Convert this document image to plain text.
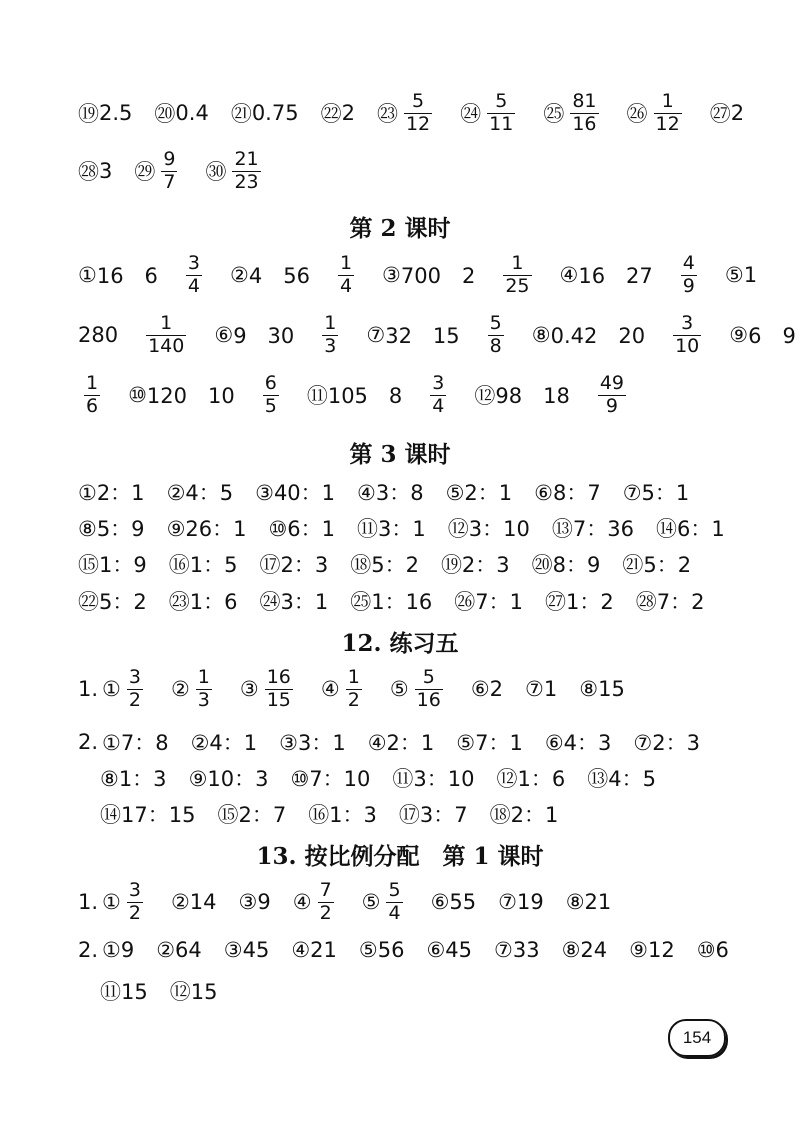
⑲ 2.5 ⑳ 0.4 ㉑ 0.75 ㉒ 2 ㉓ $\frac{5}{12}$ ㉔ $\frac{5}{11}$ ㉕ $\frac{81}{16}$ ㉖ $\frac{1}{12}$ ㉗ 2
㉘ 3 ㉙ $\frac{9}{7}$ ㉚ $\frac{21}{23}$
第 2 课时
① 16　$6 \frac{3}{4}$ ② 4　$56 \frac{1}{4}$ ③ 700　$2 \frac{1}{25}$ ④ 16　$27 \frac{4}{9}$ ⑤ 1
$280 \frac{1}{140}$ ⑥ 9　$30 \frac{1}{3}$ ⑦ 32　$15 \frac{5}{8}$ ⑧ 0.42　$20 \frac{3}{10}$ ⑨ 6　9
$\frac{1}{6}$ ⑩ 120　$10 \frac{6}{5}$ ⑪ 105　$8 \frac{3}{4}$ ⑫ 98　$18 \frac{49}{9}$
第 3 课时
①2：1 ②4：5 ③40：1 ④3：8 ⑤2：1 ⑥8：7 ⑦5：1
⑧5：9 ⑨26：1 ⑩6：1 ⑪3：1 ⑫3：10 ⑬7：36 ⑭6：1
⑮1：9 ⑯1：5 ⑰2：3 ⑱5：2 ⑲2：3 ⑳8：9 ㉑5：2
㉒5：2 ㉓1：6 ㉔3：1 ㉕1：16 ㉖7：1 ㉗1：2 ㉘7：2
12. 练习五
1. ① $\frac{3}{2}$ ② $\frac{1}{3}$ ③ $\frac{16}{15}$ ④ $\frac{1}{2}$ ⑤ $\frac{5}{16}$ ⑥ 2 ⑦ 1 ⑧ 15
2. ①7：8 ②4：1 ③3：1 ④2：1 ⑤7：1 ⑥4：3 ⑦2：3
⑧1：3 ⑨10：3 ⑩7：10 ⑪3：10 ⑫1：6 ⑬4：5
⑭17：15 ⑮2：7 ⑯1：3 ⑰3：7 ⑱2：1
13. 按比例分配　第 1 课时
1. ① $\frac{3}{2}$ ② 14 ③ 9 ④ $\frac{7}{2}$ ⑤ $\frac{5}{4}$ ⑥ 55 ⑦ 19 ⑧ 21
2. ①9 ②64 ③45 ④21 ⑤56 ⑥45 ⑦33 ⑧24 ⑨12 ⑩6
⑪15 ⑫15
154
